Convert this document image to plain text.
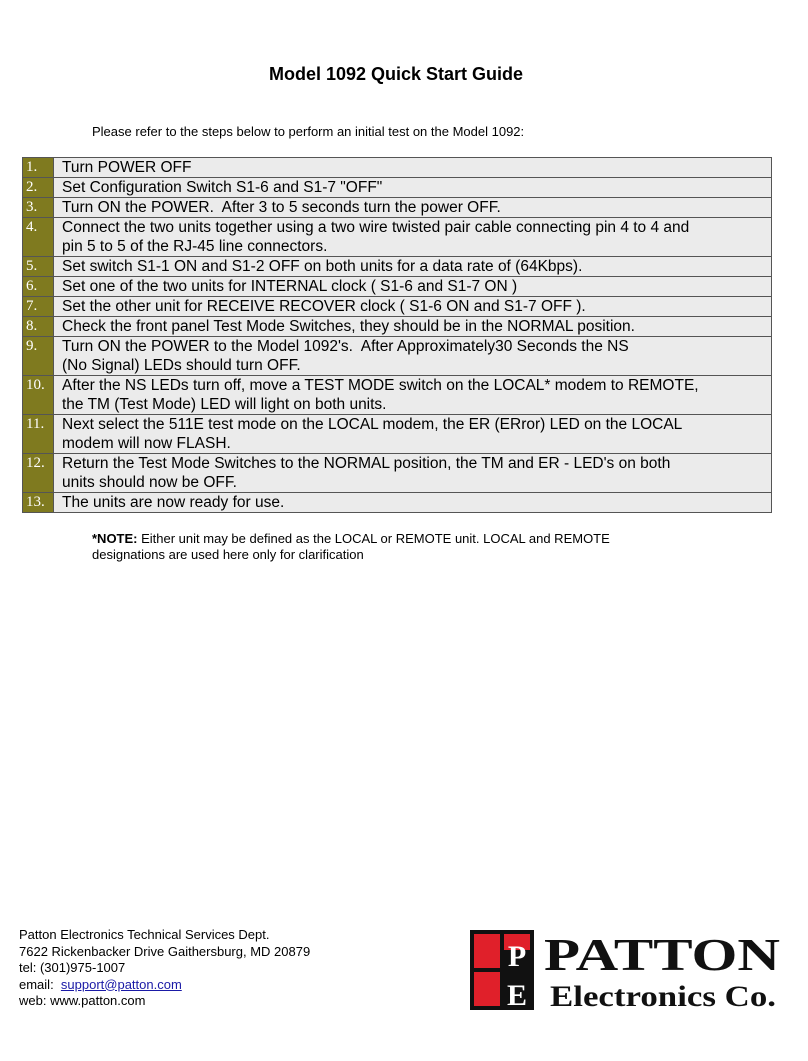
Model 1092 Quick Start Guide

Please refer to the steps below to perform an initial test on the Model 1092:

1.	Turn POWER OFF

2.	Set Configuration Switch S1-6 and S1-7 "OFF"

3.	Turn ON the POWER.  After 3 to 5 seconds turn the power OFF.

4.	Connect the two units together using a two wire twisted pair cable connecting pin 4 to 4 and
pin 5 to 5 of the RJ-45 line connectors.

5.	Set switch S1-1 ON and S1-2 OFF on both units for a data rate of (64Kbps).

6.	Set one of the two units for INTERNAL clock ( S1-6 and S1-7 ON )

7.	Set the other unit for RECEIVE RECOVER clock ( S1-6 ON and S1-7 OFF ).

8.	Check the front panel Test Mode Switches, they should be in the NORMAL position.

9.	Turn ON the POWER to the Model 1092's.  After Approximately30 Seconds the NS
(No Signal) LEDs should turn OFF.

10.	After the NS LEDs turn off, move a TEST MODE switch on the LOCAL* modem to REMOTE,
the TM (Test Mode) LED will light on both units.

11.	Next select the 511E test mode on the LOCAL modem, the ER (ERror) LED on the LOCAL
modem will now FLASH.

12.	Return the Test Mode Switches to the NORMAL position, the TM and ER - LED's on both
units should now be OFF.

13.	The units are now ready for use.
*NOTE: Either unit may be defined as the LOCAL or REMOTE unit. LOCAL and REMOTE
designations are used here only for clarification
Patton Electronics Technical Services Dept.
7622 Rickenbacker Drive Gaithersburg, MD 20879
tel: (301)975-1007
email:  support@patton.com
web: www.patton.com
P
E
PATTON
Electronics Co.
